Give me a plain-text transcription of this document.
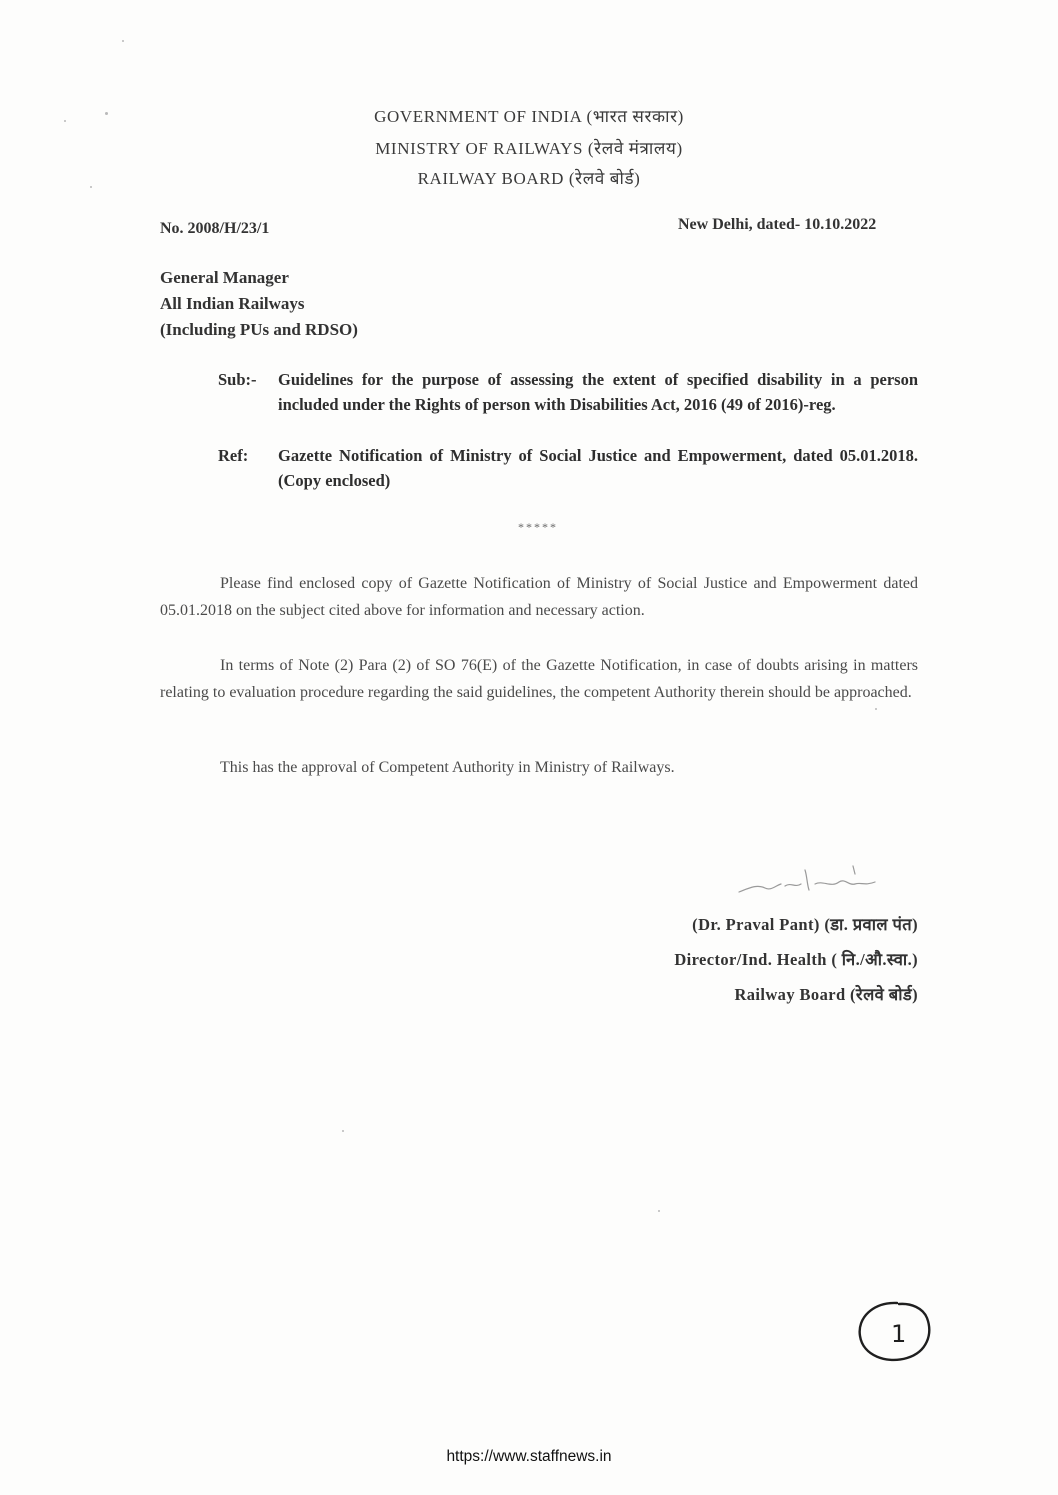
GOVERNMENT OF INDIA (भारत सरकार)
MINISTRY OF RAILWAYS (रेलवे मंत्रालय)
RAILWAY BOARD (रेलवे बोर्ड)
No. 2008/H/23/1	New Delhi, dated- 10.10.2022
General Manager
All Indian Railways
(Including PUs and RDSO)
Sub:- Guidelines for the purpose of assessing the extent of specified disability in a person included under the Rights of person with Disabilities Act, 2016 (49 of 2016)-reg.
Ref: Gazette Notification of Ministry of Social Justice and Empowerment, dated 05.01.2018. (Copy enclosed)
*****
Please find enclosed copy of Gazette Notification of Ministry of Social Justice and Empowerment dated 05.01.2018 on the subject cited above for information and necessary action.
In terms of Note (2) Para (2) of SO 76(E) of the Gazette Notification, in case of doubts arising in matters relating to evaluation procedure regarding the said guidelines, the competent Authority therein should be approached.
This has the approval of Competent Authority in Ministry of Railways.
(Dr. Praval Pant) (डा. प्रवाल पंत)
Director/Ind. Health ( नि./औ.स्वा.)
Railway Board (रेलवे बोर्ड)
1
https://www.staffnews.in
